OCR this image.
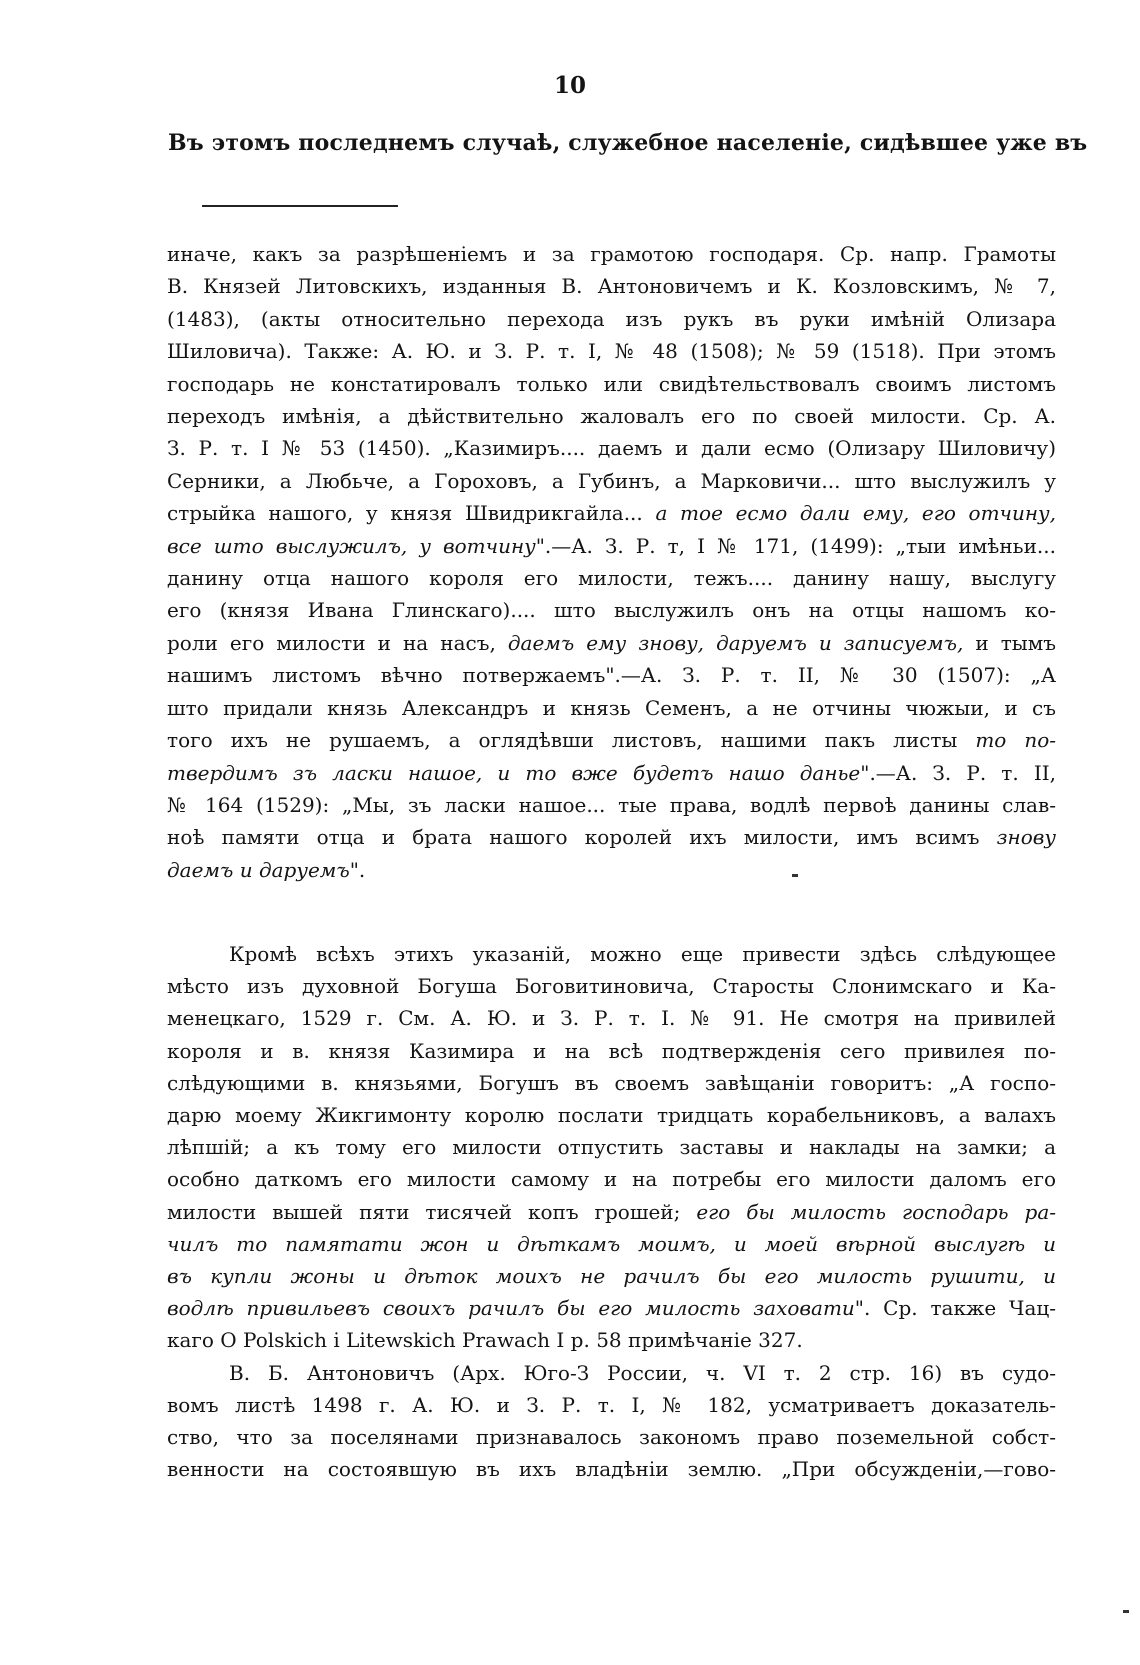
10
Въ этомъ последнемъ случаѣ, служебное населеніе, сидѣвшее уже въ
иначе, какъ за разрѣшеніемъ и за грамотою господаря. Ср. напр. Грамоты
В. Князей Литовскихъ, изданныя В. Антоновичемъ и К. Козловскимъ, № 7,
(1483), (акты относительно перехода изъ рукъ въ руки имѣній Олизара
Шиловича). Также: А. Ю. и З. Р. т. I, № 48 (1508); № 59 (1518). При этомъ
господарь не констатировалъ только или свидѣтельствовалъ своимъ листомъ
переходъ имѣнія, а дѣйствительно жаловалъ его по своей милости. Ср. А.
З. Р. т. I № 53 (1450). „Казимиръ.... даемъ и дали есмо (Олизару Шиловичу)
Серники, а Любьче, а Гороховъ, а Губинъ, а Марковичи... што выслужилъ у
стрыйка нашого, у князя Швидрикгайла... а тое есмо дали ему, его отчину,
все што выслужилъ, у вотчину".—А. З. Р. т, I № 171, (1499): „тыи имѣньи...
данину отца нашого короля его милости, тежъ.... данину нашу, выслугу
его (князя Ивана Глинскаго).... што выслужилъ онъ на отцы нашомъ ко-
роли его милости и на насъ, даемъ ему знову, даруемъ и записуемъ, и тымъ
нашимъ листомъ вѣчно потвержаемъ".—А. З. Р. т. II, № 30 (1507): „А
што придали князь Александръ и князь Семенъ, а не отчины чюжыи, и съ
того ихъ не рушаемъ, а оглядѣвши листовъ, нашими пакъ листы то по-
твердимъ зъ ласки нашое, и то вже будетъ нашо данье".—А. З. Р. т. II,
№ 164 (1529): „Мы, зъ ласки нашое... тые права, водлѣ первоѣ данины слав-
ноѣ памяти отца и брата нашого королей ихъ милости, имъ всимъ знову
даемъ и даруемъ".
Кромѣ всѣхъ этихъ указаній, можно еще привести здѣсь слѣдующее
мѣсто изъ духовной Богуша Боговитиновича, Старосты Слонимскаго и Ка-
менецкаго, 1529 г. См. А. Ю. и З. Р. т. I. № 91. Не смотря на привилей
короля и в. князя Казимира и на всѣ подтвержденія сего привилея по-
слѣдующими в. князьями, Богушъ въ своемъ завѣщаніи говоритъ: „А госпо-
дарю моему Жикгимонту королю послати тридцать корабельниковъ, а валахъ
лѣпшій; а къ тому его милости отпустить заставы и наклады на замки; а
особно даткомъ его милости самому и на потребы его милости даломъ его
милости вышей пяти тисячей копъ грошей; его бы милость господарь ра-
чилъ то памятати жон и дѣткамъ моимъ, и моей вѣрной выслугѣ и
въ купли жоны и дѣток моихъ не рачилъ бы его милость рушити, и
водлѣ привильевъ своихъ рачилъ бы его милость заховати". Ср. также Чац-
каго O Polskich i Litewskich Prawach I р. 58 примѣчаніе 327.
В. Б. Антоновичъ (Арх. Юго-З России, ч. VI т. 2 стр. 16) въ судо-
вомъ листѣ 1498 г. А. Ю. и З. Р. т. I, № 182, усматриваетъ доказатель-
ство, что за поселянами признавалось закономъ право поземельной собст-
венности на состоявшую въ ихъ владѣніи землю. „При обсужденіи,—гово-
